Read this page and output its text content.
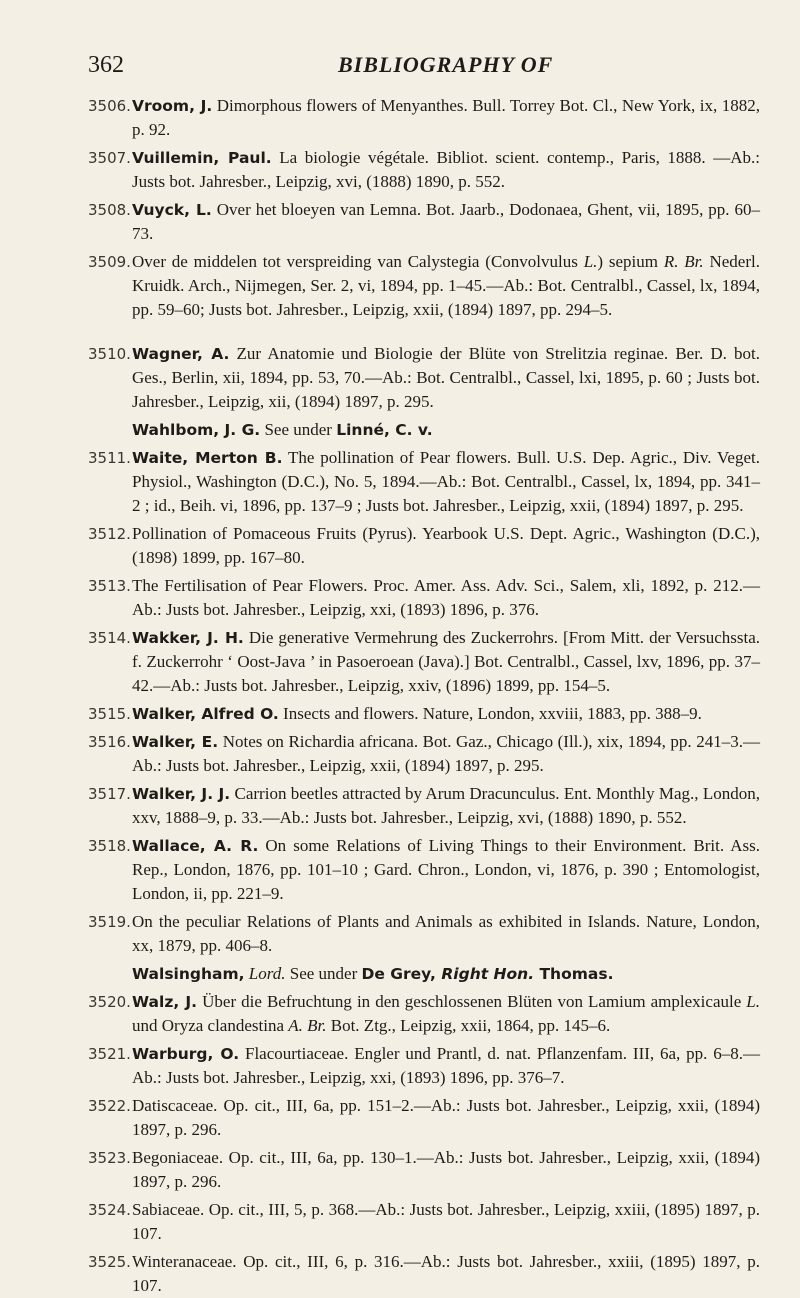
362	BIBLIOGRAPHY OF
3506. Vroom, J. Dimorphous flowers of Menyanthes. Bull. Torrey Bot. Cl., New York, ix, 1882, p. 92.
3507. Vuillemin, Paul. La biologie végétale. Bibliot. scient. contemp., Paris, 1888. —Ab.: Justs bot. Jahresber., Leipzig, xvi, (1888) 1890, p. 552.
3508. Vuyck, L. Over het bloeyen van Lemna. Bot. Jaarb., Dodonaea, Ghent, vii, 1895, pp. 60–73.
3509. Over de middelen tot verspreiding van Calystegia (Convolvulus L.) sepium R. Br. Nederl. Kruidk. Arch., Nijmegen, Ser. 2, vi, 1894, pp. 1–45.—Ab.: Bot. Centralbl., Cassel, lx, 1894, pp. 59–60; Justs bot. Jahresber., Leipzig, xxii, (1894) 1897, pp. 294–5.
3510. Wagner, A. Zur Anatomie und Biologie der Blüte von Strelitzia reginae. Ber. D. bot. Ges., Berlin, xii, 1894, pp. 53, 70.—Ab.: Bot. Centralbl., Cassel, lxi, 1895, p. 60 ; Justs bot. Jahresber., Leipzig, xii, (1894) 1897, p. 295.
Wahlbom, J. G. See under Linné, C. v.
3511. Waite, Merton B. The pollination of Pear flowers. Bull. U.S. Dep. Agric., Div. Veget. Physiol., Washington (D.C.), No. 5, 1894.—Ab.: Bot. Centralbl., Cassel, lx, 1894, pp. 341–2 ; id., Beih. vi, 1896, pp. 137–9 ; Justs bot. Jahresber., Leipzig, xxii, (1894) 1897, p. 295.
3512. Pollination of Pomaceous Fruits (Pyrus). Yearbook U.S. Dept. Agric., Washington (D.C.), (1898) 1899, pp. 167–80.
3513. The Fertilisation of Pear Flowers. Proc. Amer. Ass. Adv. Sci., Salem, xli, 1892, p. 212.—Ab.: Justs bot. Jahresber., Leipzig, xxi, (1893) 1896, p. 376.
3514. Wakker, J. H. Die generative Vermehrung des Zuckerrohrs. [From Mitt. der Versuchssta. f. Zuckerrohr ‘ Oost-Java ’ in Pasoeroean (Java).] Bot. Centralbl., Cassel, lxv, 1896, pp. 37–42.—Ab.: Justs bot. Jahresber., Leipzig, xxiv, (1896) 1899, pp. 154–5.
3515. Walker, Alfred O. Insects and flowers. Nature, London, xxviii, 1883, pp. 388–9.
3516. Walker, E. Notes on Richardia africana. Bot. Gaz., Chicago (Ill.), xix, 1894, pp. 241–3.—Ab.: Justs bot. Jahresber., Leipzig, xxii, (1894) 1897, p. 295.
3517. Walker, J. J. Carrion beetles attracted by Arum Dracunculus. Ent. Monthly Mag., London, xxv, 1888–9, p. 33.—Ab.: Justs bot. Jahresber., Leipzig, xvi, (1888) 1890, p. 552.
3518. Wallace, A. R. On some Relations of Living Things to their Environment. Brit. Ass. Rep., London, 1876, pp. 101–10 ; Gard. Chron., London, vi, 1876, p. 390 ; Entomologist, London, ii, pp. 221–9.
3519. On the peculiar Relations of Plants and Animals as exhibited in Islands. Nature, London, xx, 1879, pp. 406–8.
Walsingham, Lord. See under De Grey, Right Hon. Thomas.
3520. Walz, J. Über die Befruchtung in den geschlossenen Blüten von Lamium amplexicaule L. und Oryza clandestina A. Br. Bot. Ztg., Leipzig, xxii, 1864, pp. 145–6.
3521. Warburg, O. Flacourtiaceae. Engler und Prantl, d. nat. Pflanzenfam. III, 6a, pp. 6–8.—Ab.: Justs bot. Jahresber., Leipzig, xxi, (1893) 1896, pp. 376–7.
3522. Datiscaceae. Op. cit., III, 6a, pp. 151–2.—Ab.: Justs bot. Jahresber., Leipzig, xxii, (1894) 1897, p. 296.
3523. Begoniaceae. Op. cit., III, 6a, pp. 130–1.—Ab.: Justs bot. Jahresber., Leipzig, xxii, (1894) 1897, p. 296.
3524. Sabiaceae. Op. cit., III, 5, p. 368.—Ab.: Justs bot. Jahresber., Leipzig, xxiii, (1895) 1897, p. 107.
3525. Winteranaceae. Op. cit., III, 6, p. 316.—Ab.: Justs bot. Jahresber., xxiii, (1895) 1897, p. 107.
